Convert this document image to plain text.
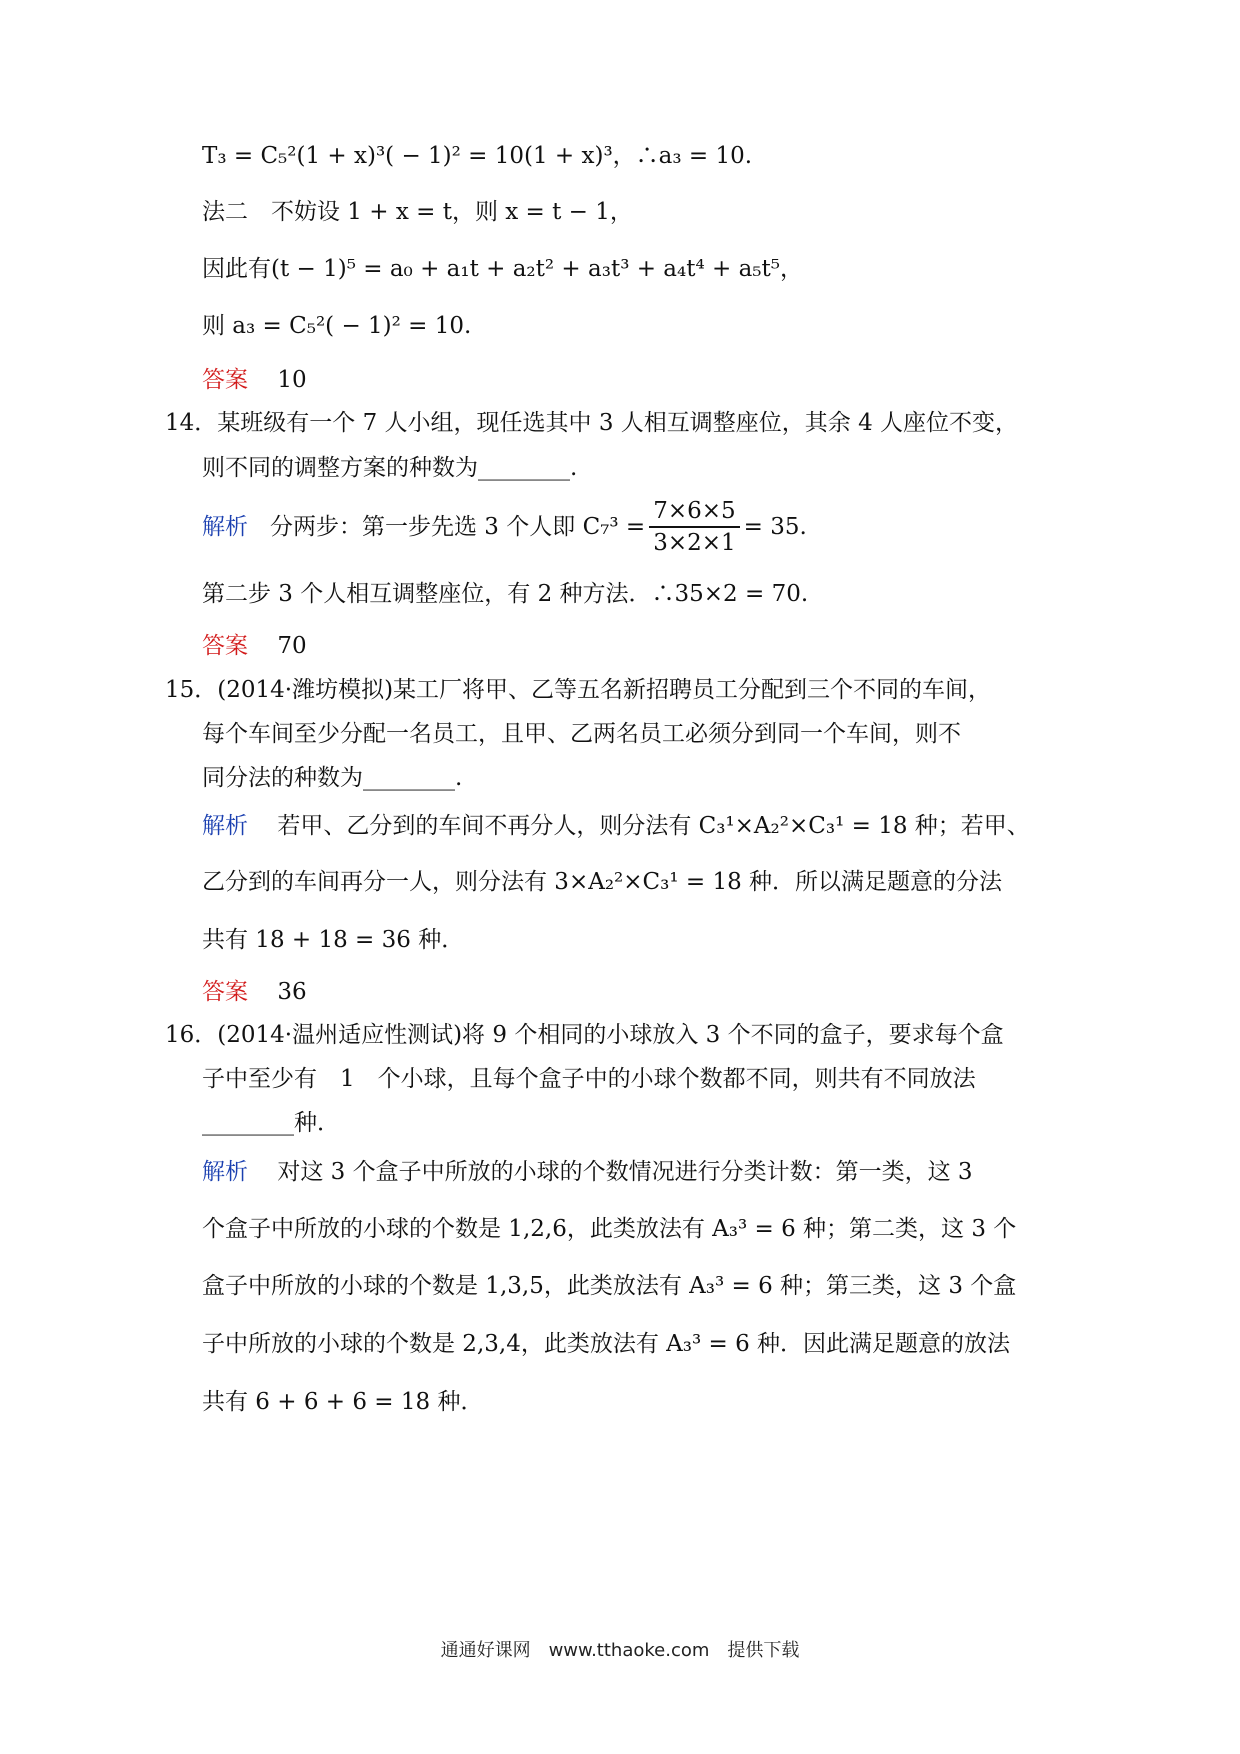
T₃ = C₅²(1 + x)³( − 1)² = 10(1 + x)³，∴a₃ = 10.
法二　不妨设 1 + x = t，则 x = t − 1，
因此有(t − 1)⁵ = a₀ + a₁t + a₂t² + a₃t³ + a₄t⁴ + a₅t⁵，
则 a₃ = C₅²( − 1)² = 10.
答案 10
14．某班级有一个 7 人小组，现任选其中 3 人相互调整座位，其余 4 人座位不变，
则不同的调整方案的种数为________.
解析 分两步：第一步先选 3 个人即 $C_7^3 = \frac{7\times 6\times 5}{3\times 2\times 1} = 35$.
第二步 3 个人相互调整座位，有 2 种方法．∴35×2 = 70.
答案 70
15．(2014·潍坊模拟)某工厂将甲、乙等五名新招聘员工分配到三个不同的车间，
每个车间至少分配一名员工，且甲、乙两名员工必须分到同一个车间，则不
同分法的种数为________.
解析 若甲、乙分到的车间不再分人，则分法有 C₃¹×A₂²×C₃¹ = 18 种；若甲、
乙分到的车间再分一人，则分法有 3×A₂²×C₃¹ = 18 种．所以满足题意的分法
共有 18 + 18 = 36 种．
答案 36
16．(2014·温州适应性测试)将 9 个相同的小球放入 3 个不同的盒子，要求每个盒
子中至少有　1　个小球，且每个盒子中的小球个数都不同，则共有不同放法
________种．
解析 对这 3 个盒子中所放的小球的个数情况进行分类计数：第一类，这 3
个盒子中所放的小球的个数是 1,2,6，此类放法有 A₃³ = 6 种；第二类，这 3 个
盒子中所放的小球的个数是 1,3,5，此类放法有 A₃³ = 6 种；第三类，这 3 个盒
子中所放的小球的个数是 2,3,4，此类放法有 A₃³ = 6 种．因此满足题意的放法
共有 6 + 6 + 6 = 18 种．
通通好课网　www.tthaoke.com　提供下载
